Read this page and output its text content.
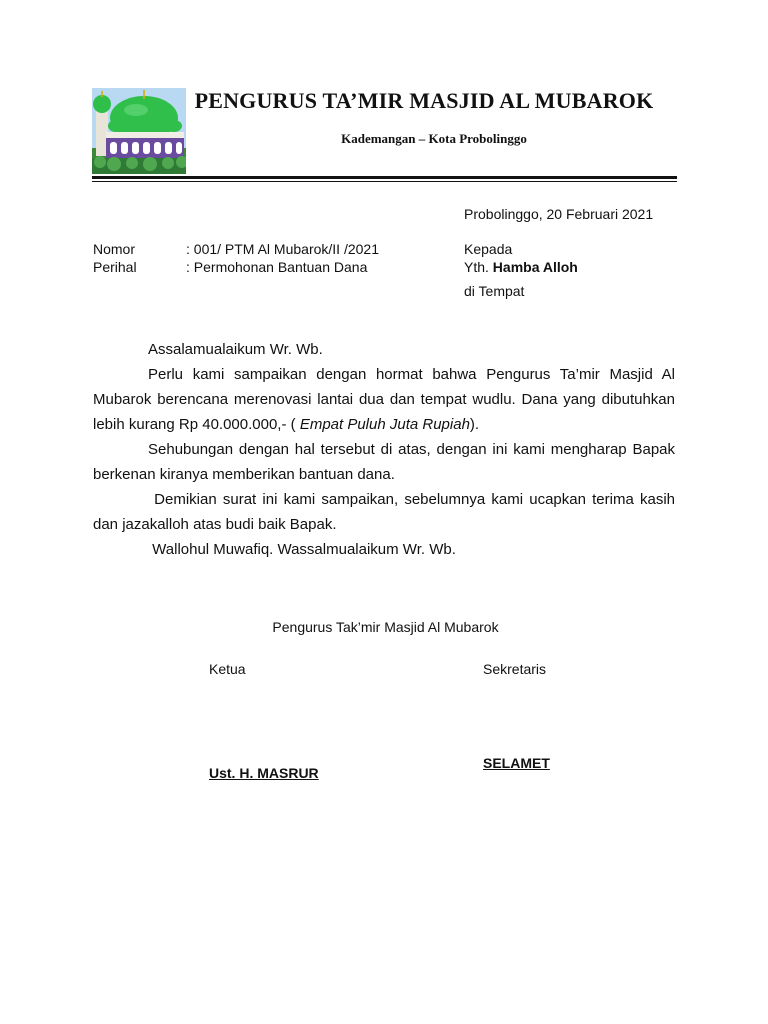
PENGURUS TA’MIR MASJID AL MUBAROK
Kademangan – Kota Probolinggo
Probolinggo, 20 Februari 2021
Nomor	: 001/ PTM Al Mubarok/II /2021
Perihal	: Permohonan Bantuan Dana
Kepada
Yth. Hamba Alloh
di Tempat
Assalamualaikum Wr. Wb.
Perlu kami sampaikan dengan hormat bahwa Pengurus Ta’mir Masjid Al Mubarok berencana merenovasi lantai dua dan tempat wudlu. Dana yang dibutuhkan lebih kurang Rp 40.000.000,- ( Empat Puluh Juta Rupiah).
Sehubungan dengan hal tersebut di atas, dengan ini kami mengharap Bapak berkenan kiranya memberikan bantuan dana.
Demikian surat ini kami sampaikan, sebelumnya kami ucapkan terima kasih dan jazakalloh atas budi baik Bapak.
Wallohul Muwafiq. Wassalmualaikum Wr. Wb.
Pengurus Tak’mir Masjid Al Mubarok
Ketua	Sekretaris
Ust. H. MASRUR
SELAMET
